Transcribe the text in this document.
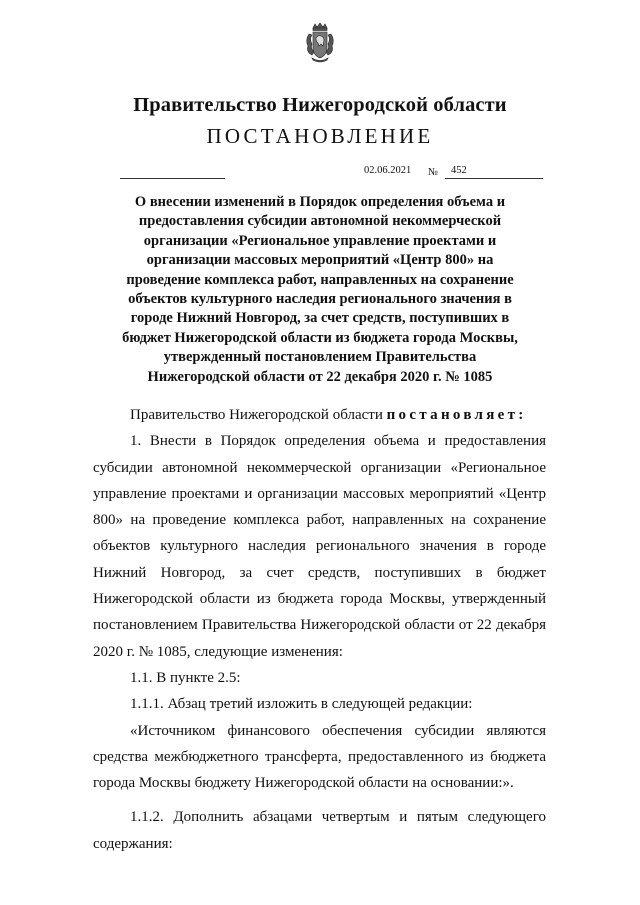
Правительство Нижегородской области
ПОСТАНОВЛЕНИЕ
02.06.2021 № 452
О внесении изменений в Порядок определения объема и предоставления субсидии автономной некоммерческой организации «Региональное управление проектами и организации массовых мероприятий «Центр 800» на проведение комплекса работ, направленных на сохранение объектов культурного наследия регионального значения в городе Нижний Новгород, за счет средств, поступивших в бюджет Нижегородской области из бюджета города Москвы, утвержденный постановлением Правительства Нижегородской области от 22 декабря 2020 г. № 1085

Правительство Нижегородской области постановляет:

1. Внести в Порядок определения объема и предоставления субсидии автономной некоммерческой организации «Региональное управление проектами и организации массовых мероприятий «Центр 800» на проведение комплекса работ, направленных на сохранение объектов культурного наследия регионального значения в городе Нижний Новгород, за счет средств, поступивших в бюджет Нижегородской области из бюджета города Москвы, утвержденный постановлением Правительства Нижегородской области от 22 декабря 2020 г. № 1085, следующие изменения:

1.1. В пункте 2.5:

1.1.1. Абзац третий изложить в следующей редакции:

«Источником финансового обеспечения субсидии являются средства межбюджетного трансферта, предоставленного из бюджета города Москвы бюджету Нижегородской области на основании:».

1.1.2. Дополнить абзацами четвертым и пятым следующего содержания:
